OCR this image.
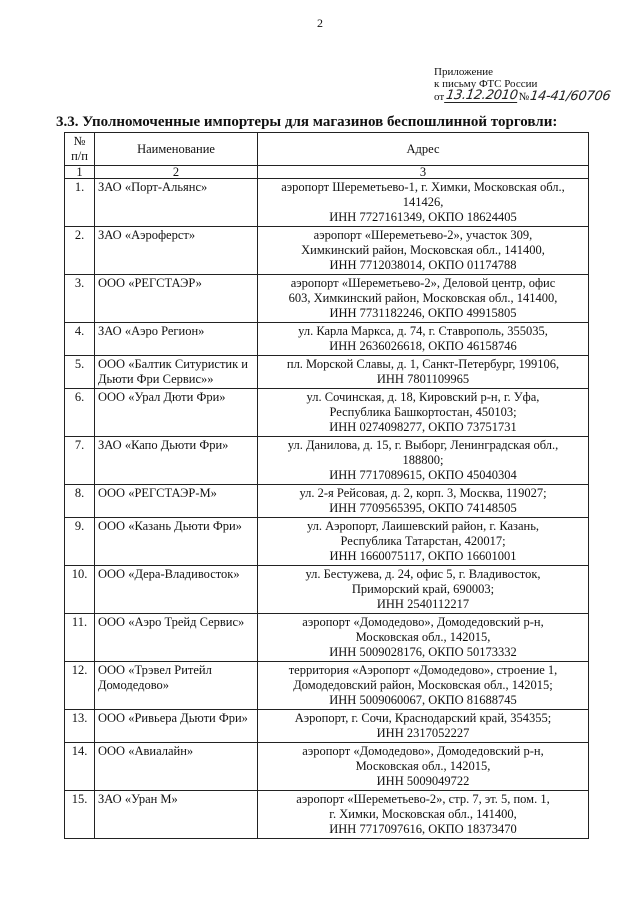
2
Приложение
к письму ФТС России
от 13.12.2010 № 14-41/60706
3.3. Уполномоченные импортеры для магазинов беспошлинной торговли:
№
п/п	Наименование	Адрес
1	2	3
1.	ЗАО «Порт-Альянс»	аэропорт Шереметьево-1, г. Химки, Московская обл.,
141426,
ИНН 7727161349, ОКПО 18624405

2.	ЗАО «Аэроферст»	аэропорт «Шереметьево-2», участок 309,
Химкинский район, Московская обл., 141400,
ИНН 7712038014, ОКПО 01174788

3.	ООО «РЕГСТАЭР»	аэропорт «Шереметьево-2», Деловой центр, офис
603, Химкинский район, Московская обл., 141400,
ИНН 7731182246, ОКПО 49915805

4.	ЗАО «Аэро Регион»	ул. Карла Маркса, д. 74, г. Ставрополь, 355035,
ИНН 2636026618, ОКПО 46158746

5.	ООО «Балтик Ситуристик и Дьюти Фри Сервис»»	пл. Морской Славы, д. 1, Санкт-Петербург, 199106,
ИНН 7801109965

6.	ООО «Урал Дюти Фри»	ул. Сочинская, д. 18, Кировский р-н, г. Уфа,
Республика Башкортостан, 450103;
ИНН 0274098277, ОКПО 73751731

7.	ЗАО «Капо Дьюти Фри»	ул. Данилова, д. 15, г. Выборг, Ленинградская обл.,
188800;
ИНН 7717089615, ОКПО 45040304

8.	ООО «РЕГСТАЭР-М»	ул. 2-я Рейсовая, д. 2, корп. 3, Москва, 119027;
ИНН 7709565395, ОКПО 74148505

9.	ООО «Казань Дьюти Фри»	ул. Аэропорт, Лаишевский район, г. Казань,
Республика Татарстан, 420017;
ИНН 1660075117, ОКПО 16601001

10.	ООО «Дера-Владивосток»	ул. Бестужева, д. 24, офис 5, г. Владивосток,
Приморский край, 690003;
ИНН 2540112217

11.	ООО «Аэро Трейд Сервис»	аэропорт «Домодедово», Домодедовский р-н,
Московская обл., 142015,
ИНН 5009028176, ОКПО 50173332

12.	ООО «Трэвел Ритейл Домодедово»	территория «Аэропорт «Домодедово», строение 1,
Домодедовский район, Московская обл., 142015;
ИНН 5009060067, ОКПО 81688745

13.	ООО «Ривьера Дьюти Фри»	Аэропорт, г. Сочи, Краснодарский край, 354355;
ИНН 2317052227

14.	ООО «Авиалайн»	аэропорт «Домодедово», Домодедовский р-н,
Московская обл., 142015,
ИНН 5009049722

15.	ЗАО «Уран М»	аэропорт «Шереметьево-2», стр. 7, эт. 5, пом. 1,
г. Химки, Московская обл., 141400,
ИНН 7717097616, ОКПО 18373470
